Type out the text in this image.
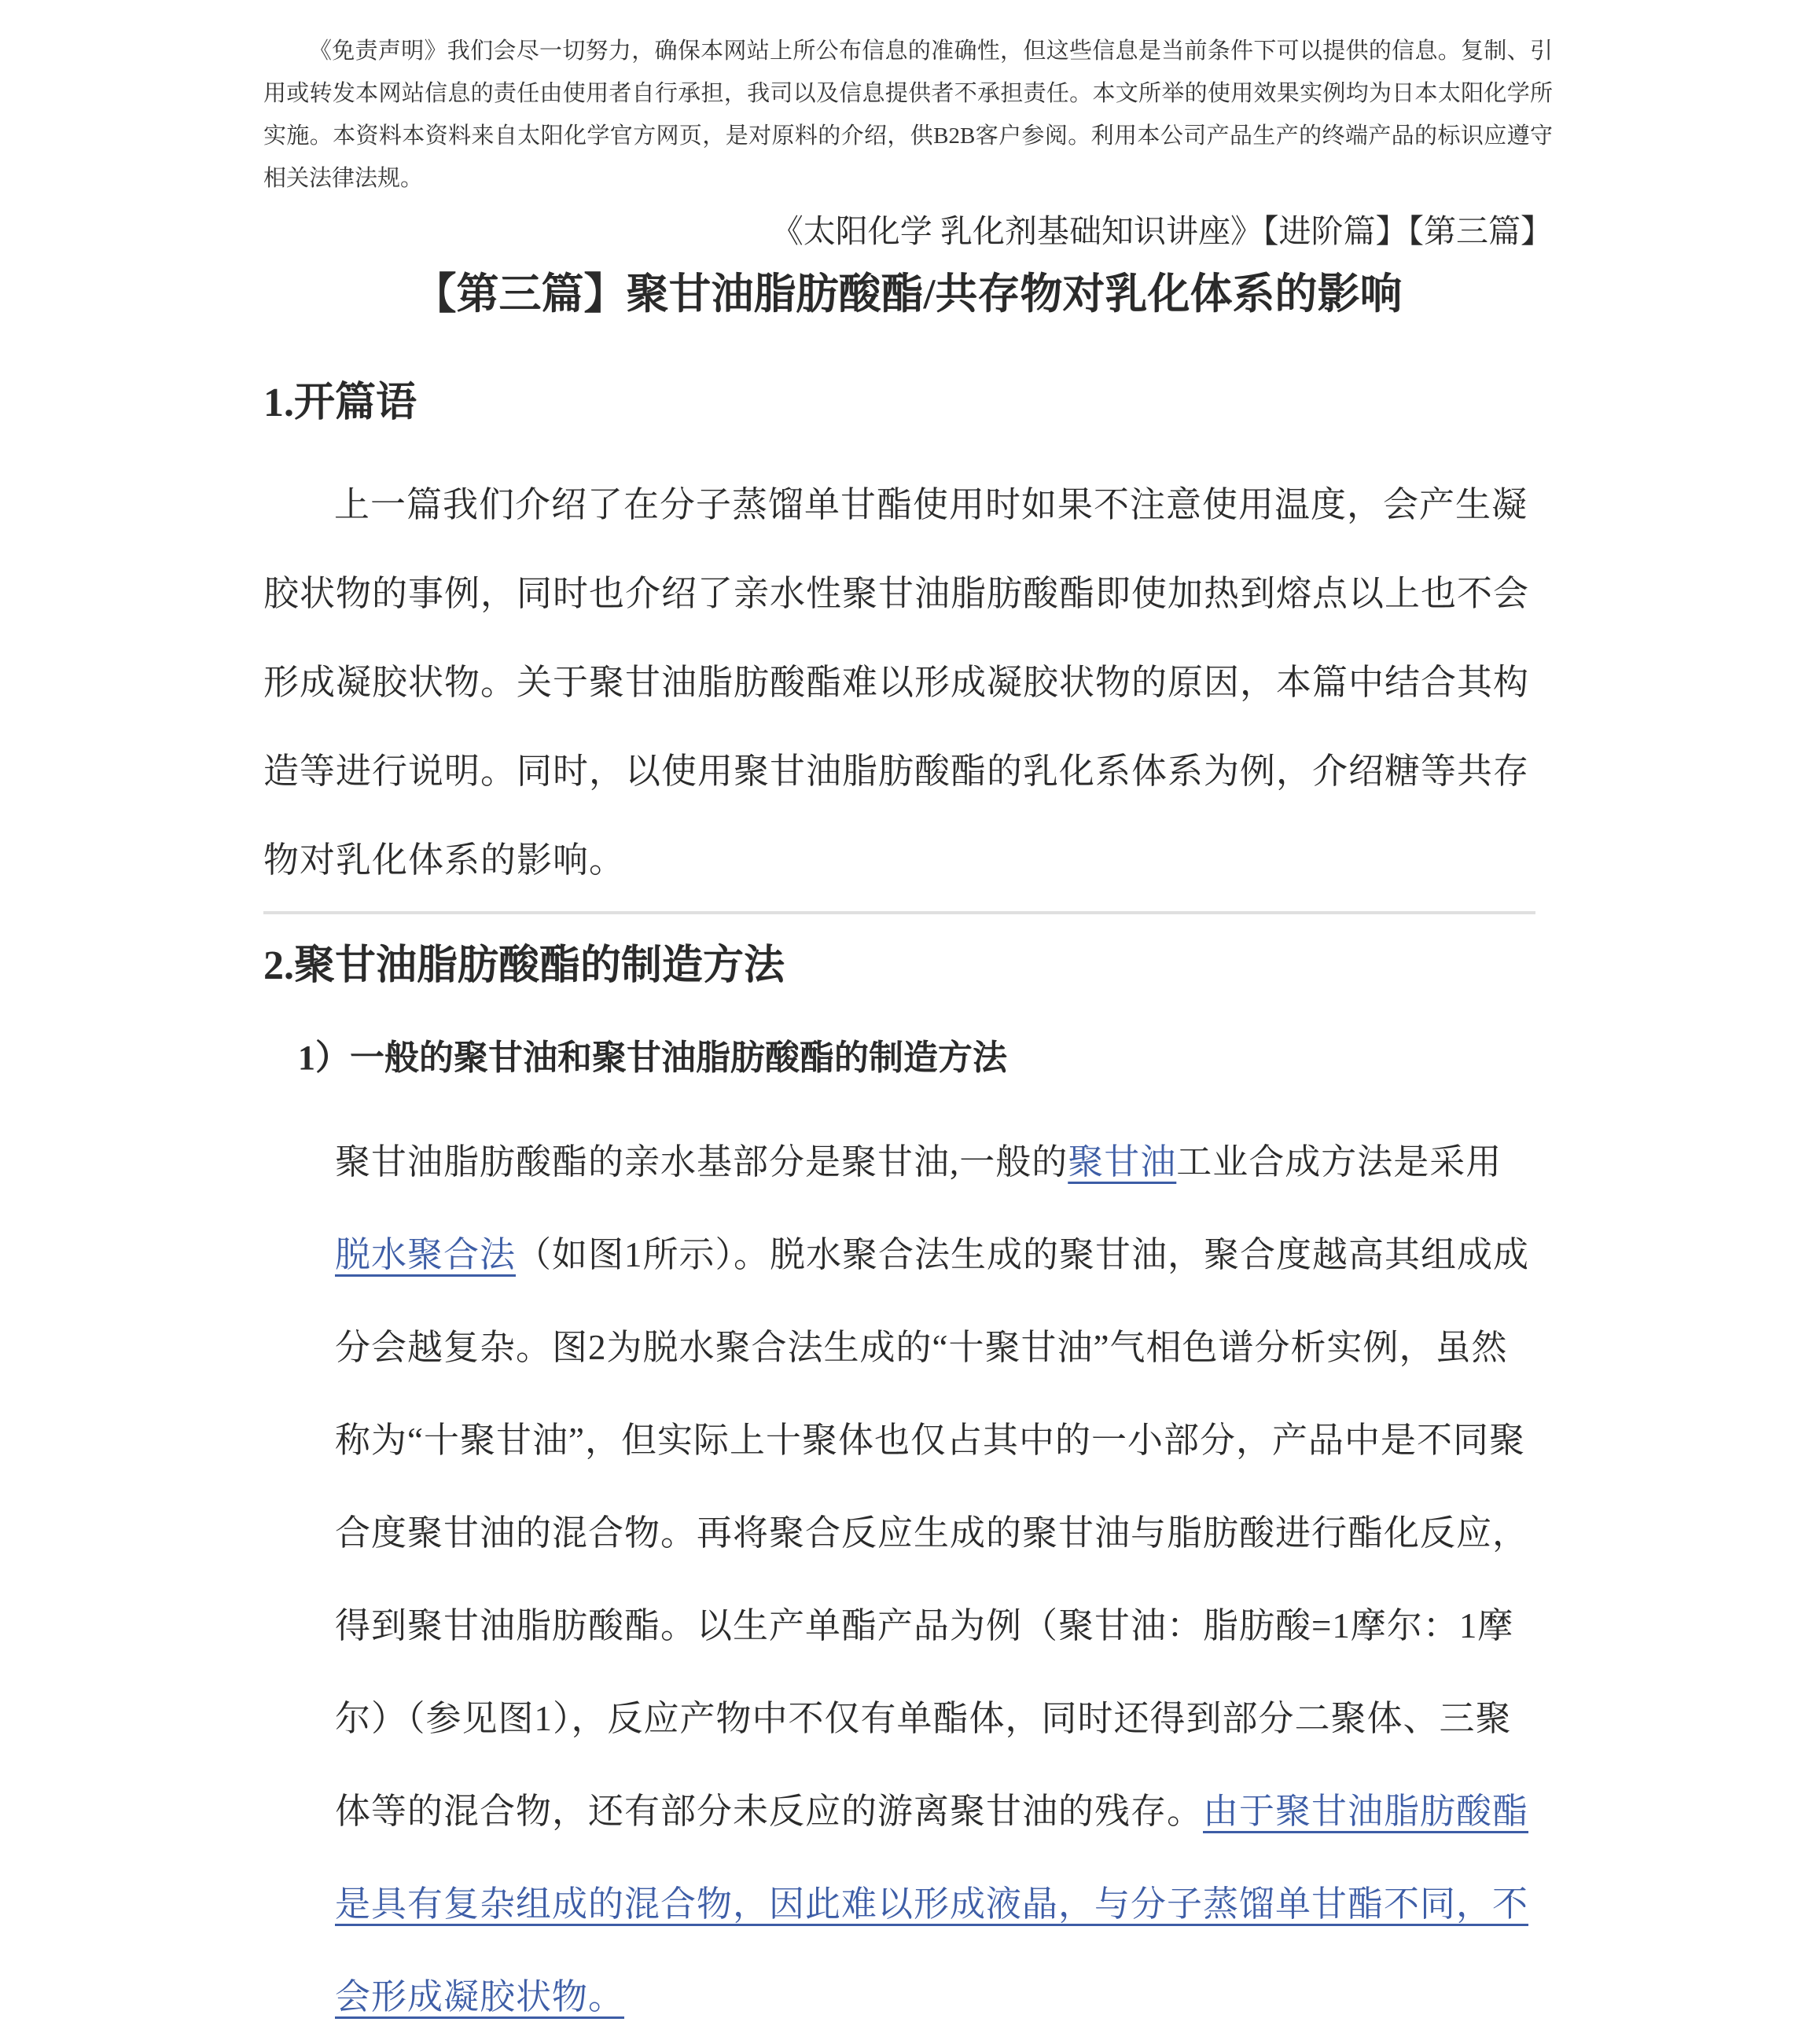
《免责声明》我们会尽一切努力，确保本网站上所公布信息的准确性，但这些信息是当前条件下可以提供的信息。复制、引用或转发本网站信息的责任由使用者自行承担，我司以及信息提供者不承担责任。本文所举的使用效果实例均为日本太阳化学所实施。本资料本资料来自太阳化学官方网页，是对原料的介绍，供B2B客户参阅。利用本公司产品生产的终端产品的标识应遵守相关法律法规。

《太阳化学 乳化剂基础知识讲座》【进阶篇】【第三篇】

【第三篇】聚甘油脂肪酸酯/共存物对乳化体系的影响
1.开篇语

上一篇我们介绍了在分子蒸馏单甘酯使用时如果不注意使用温度，会产生凝胶状物的事例，同时也介绍了亲水性聚甘油脂肪酸酯即使加热到熔点以上也不会形成凝胶状物。关于聚甘油脂肪酸酯难以形成凝胶状物的原因，本篇中结合其构造等进行说明。同时，以使用聚甘油脂肪酸酯的乳化系体系为例，介绍糖等共存物对乳化体系的影响。

2.聚甘油脂肪酸酯的制造方法
1）一般的聚甘油和聚甘油脂肪酸酯的制造方法

聚甘油脂肪酸酯的亲水基部分是聚甘油,一般的聚甘油工业合成方法是采用脱水聚合法（如图1所示）。脱水聚合法生成的聚甘油，聚合度越高其组成成分会越复杂。图2为脱水聚合法生成的“十聚甘油”气相色谱分析实例，虽然称为“十聚甘油”，但实际上十聚体也仅占其中的一小部分，产品中是不同聚合度聚甘油的混合物。再将聚合反应生成的聚甘油与脂肪酸进行酯化反应，得到聚甘油脂肪酸酯。以生产单酯产品为例（聚甘油：脂肪酸=1摩尔：1摩尔）（参见图1），反应产物中不仅有单酯体，同时还得到部分二聚体、三聚体等的混合物，还有部分未反应的游离聚甘油的残存。由于聚甘油脂肪酸酯是具有复杂组成的混合物，因此难以形成液晶，与分子蒸馏单甘酯不同，不会形成凝胶状物。
